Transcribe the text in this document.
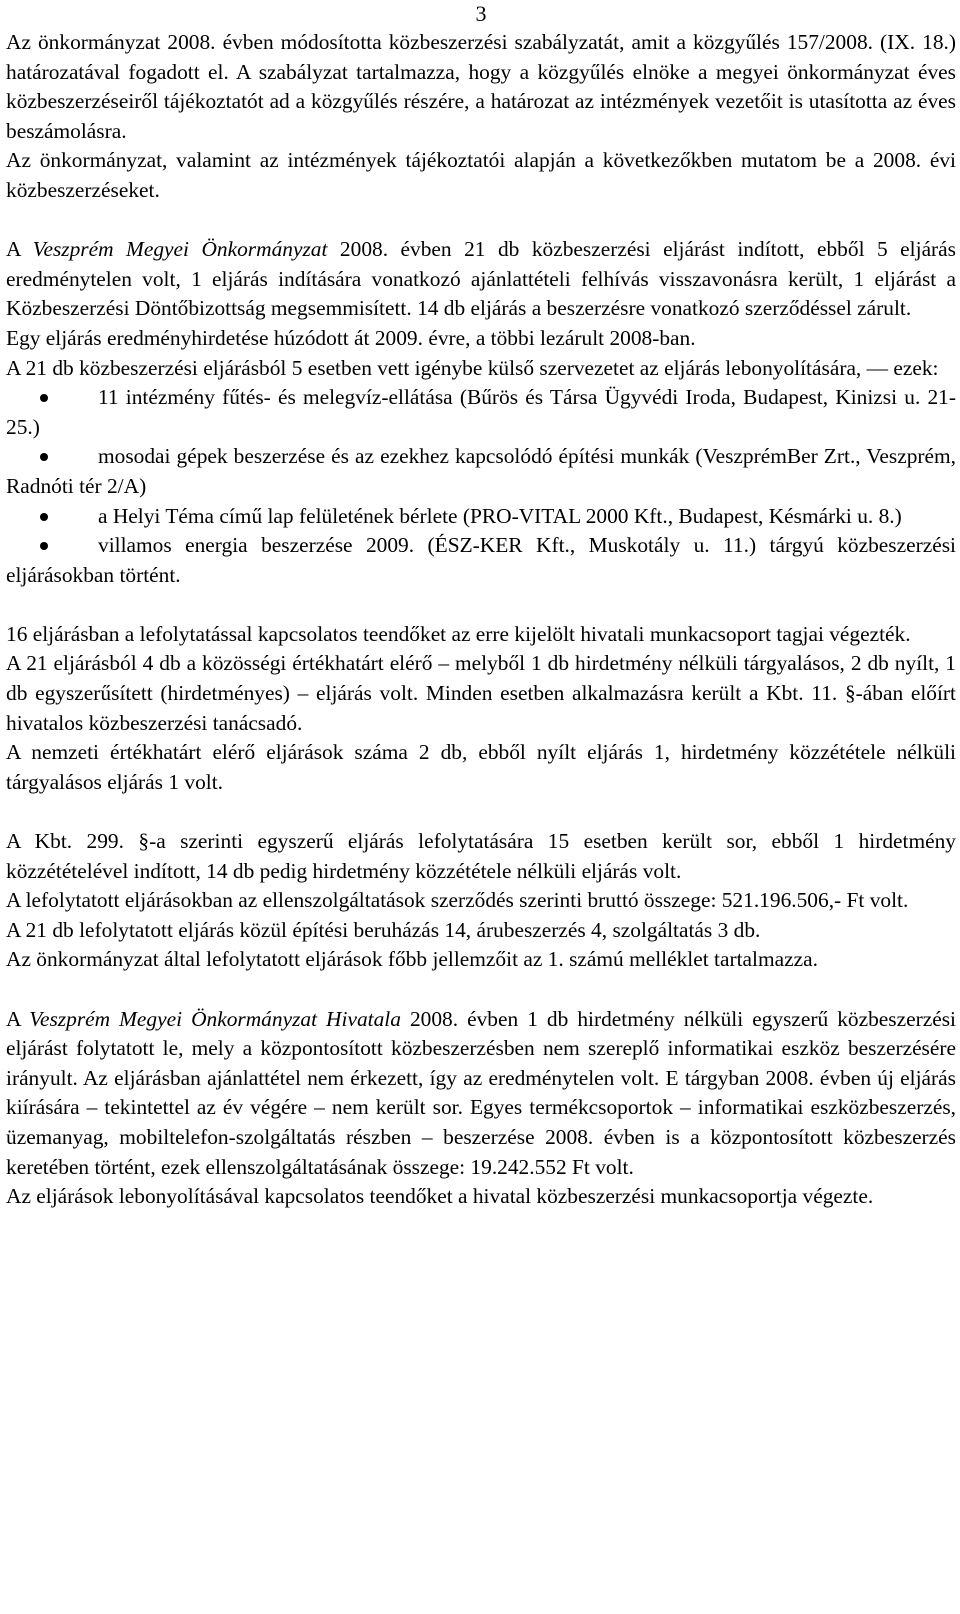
3

Az önkormányzat 2008. évben módosította közbeszerzési szabályzatát, amit a közgyűlés 157/2008. (IX. 18.) határozatával fogadott el. A szabályzat tartalmazza, hogy a közgyűlés elnöke a megyei önkormányzat éves közbeszerzéseiről tájékoztatót ad a közgyűlés részére, a határozat az intézmények vezetőit is utasította az éves beszámolásra.

Az önkormányzat, valamint az intézmények tájékoztatói alapján a következőkben mutatom be a 2008. évi közbeszerzéseket.

A Veszprém Megyei Önkormányzat 2008. évben 21 db közbeszerzési eljárást indított, ebből 5 eljárás eredménytelen volt, 1 eljárás indítására vonatkozó ajánlattételi felhívás visszavonásra került, 1 eljárást a Közbeszerzési Döntőbizottság megsemmisített. 14 db eljárás a beszerzésre vonatkozó szerződéssel zárult.

Egy eljárás eredményhirdetése húzódott át 2009. évre, a többi lezárult 2008-ban.

A 21 db közbeszerzési eljárásból 5 esetben vett igénybe külső szervezetet az eljárás lebonyolítására, ― ezek:

11 intézmény fűtés- és melegvíz-ellátása (Bűrös és Társa Ügyvédi Iroda, Budapest, Kinizsi u. 21-25.)

mosodai gépek beszerzése és az ezekhez kapcsolódó építési munkák (VeszprémBer Zrt., Veszprém, Radnóti tér 2/A)

a Helyi Téma című lap felületének bérlete (PRO-VITAL 2000 Kft., Budapest, Késmárki u. 8.)

villamos energia beszerzése 2009. (ÉSZ-KER Kft., Muskotály u. 11.) tárgyú közbeszerzési eljárásokban történt.

16 eljárásban a lefolytatással kapcsolatos teendőket az erre kijelölt hivatali munkacsoport tagjai végezték.

A 21 eljárásból 4 db a közösségi értékhatárt elérő – melyből 1 db hirdetmény nélküli tárgyalásos, 2 db nyílt, 1 db egyszerűsített (hirdetményes) – eljárás volt. Minden esetben alkalmazásra került a Kbt. 11. §-ában előírt hivatalos közbeszerzési tanácsadó.

A nemzeti értékhatárt elérő eljárások száma 2 db, ebből nyílt eljárás 1, hirdetmény közzététele nélküli tárgyalásos eljárás 1 volt.

A Kbt. 299. §-a szerinti egyszerű eljárás lefolytatására 15 esetben került sor, ebből 1 hirdetmény közzétételével indított, 14 db pedig hirdetmény közzététele nélküli eljárás volt.

A lefolytatott eljárásokban az ellenszolgáltatások szerződés szerinti bruttó összege: 521.196.506,- Ft volt.

A 21 db lefolytatott eljárás közül építési beruházás 14, árubeszerzés 4, szolgáltatás 3 db.

Az önkormányzat által lefolytatott eljárások főbb jellemzőit az 1. számú melléklet tartalmazza.

A Veszprém Megyei Önkormányzat Hivatala 2008. évben 1 db hirdetmény nélküli egyszerű közbeszerzési eljárást folytatott le, mely a központosított közbeszerzésben nem szereplő informatikai eszköz beszerzésére irányult. Az eljárásban ajánlattétel nem érkezett, így az eredménytelen volt. E tárgyban 2008. évben új eljárás kiírására – tekintettel az év végére – nem került sor. Egyes termékcsoportok – informatikai eszközbeszerzés, üzemanyag, mobiltelefon-szolgáltatás részben – beszerzése 2008. évben is a központosított közbeszerzés keretében történt, ezek ellenszolgáltatásának összege: 19.242.552 Ft volt.

Az eljárások lebonyolításával kapcsolatos teendőket a hivatal közbeszerzési munkacsoportja végezte.
